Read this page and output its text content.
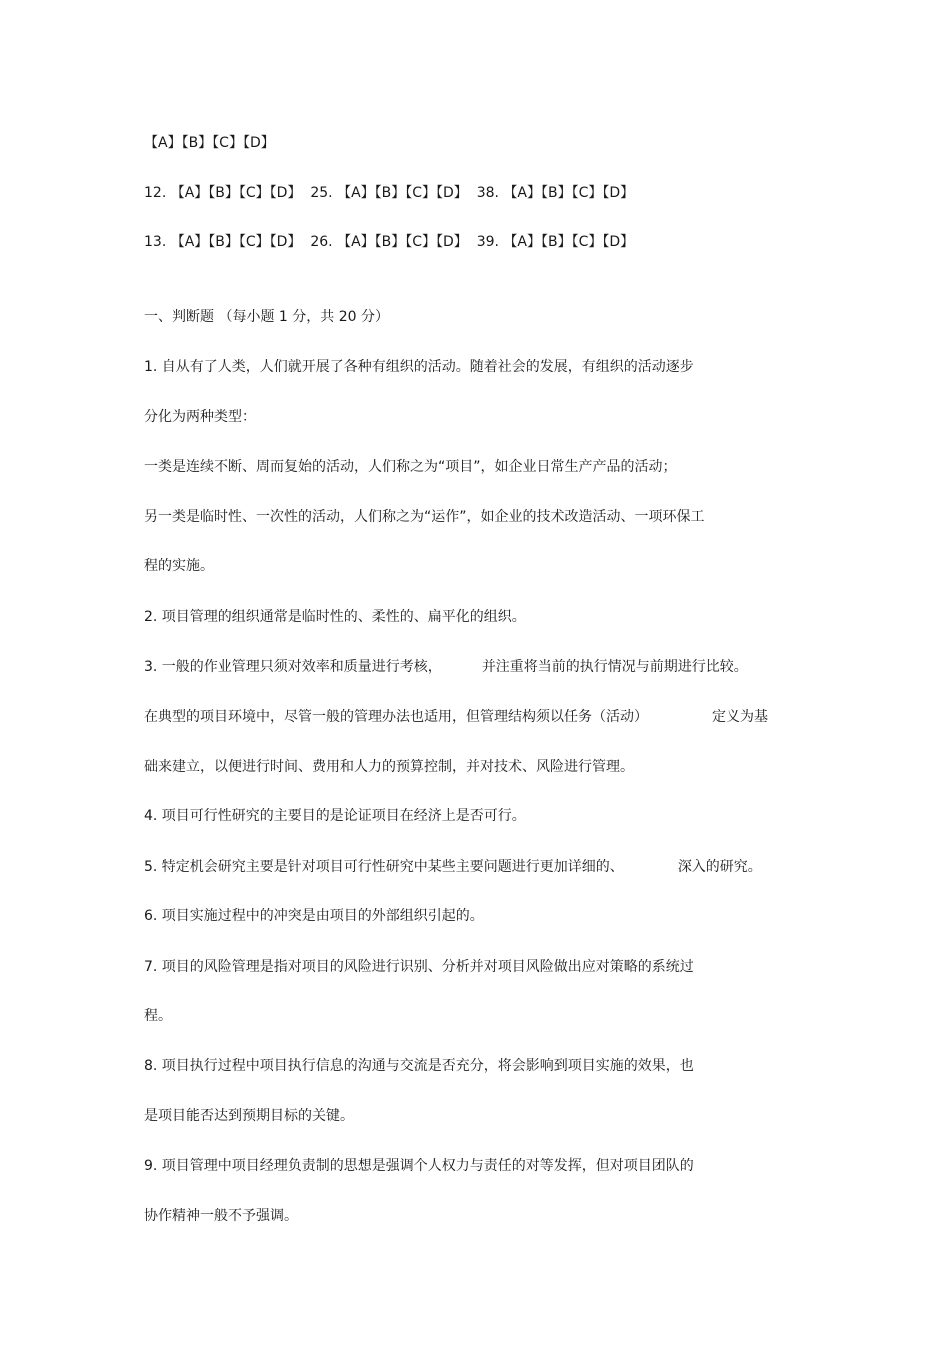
【A】【B】【C】【D】

12. 【A】【B】【C】【D】  25. 【A】【B】【C】【D】  38. 【A】【B】【C】【D】

13. 【A】【B】【C】【D】  26. 【A】【B】【C】【D】  39. 【A】【B】【C】【D】

一、判断题 （每小题 1 分，共 20 分）

1. 自从有了人类，人们就开展了各种有组织的活动。随着社会的发展，有组织的活动逐步

分化为两种类型：

一类是连续不断、周而复始的活动，人们称之为“项目”，如企业日常生产产品的活动；

另一类是临时性、一次性的活动，人们称之为“运作”，如企业的技术改造活动、一项环保工

程的实施。

2. 项目管理的组织通常是临时性的、柔性的、扁平化的组织。

3. 一般的作业管理只须对效率和质量进行考核，	并注重将当前的执行情况与前期进行比较。

在典型的项目环境中，尽管一般的管理办法也适用，但管理结构须以任务（活动）	定义为基

础来建立，以便进行时间、费用和人力的预算控制，并对技术、风险进行管理。

4. 项目可行性研究的主要目的是论证项目在经济上是否可行。

5. 特定机会研究主要是针对项目可行性研究中某些主要问题进行更加详细的、	深入的研究。

6. 项目实施过程中的冲突是由项目的外部组织引起的。

7. 项目的风险管理是指对项目的风险进行识别、分析并对项目风险做出应对策略的系统过

程。

8. 项目执行过程中项目执行信息的沟通与交流是否充分，将会影响到项目实施的效果，也

是项目能否达到预期目标的关键。

9. 项目管理中项目经理负责制的思想是强调个人权力与责任的对等发挥，但对项目团队的

协作精神一般不予强调。
